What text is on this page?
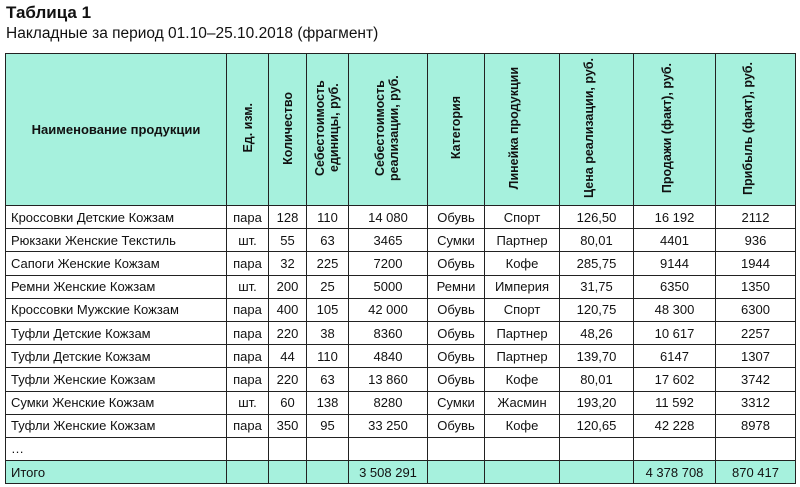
Таблица 1
Накладные за период 01.10–25.10.2018 (фрагмент)
Наименование продукции	Ед. изм.	Количество	Себестоимость единицы, руб.	Себестоимость реализации, руб.	Категория	Линейка продукции	Цена реализации, руб.	Продажи (факт), руб.	Прибыль (факт), руб.
Кроссовки Детские Кожзам	пара	128	110	14 080	Обувь	Спорт	126,50	16 192	2112
Рюкзаки Женские Текстиль	шт.	55	63	3465	Сумки	Партнер	80,01	4401	936
Сапоги Женские Кожзам	пара	32	225	7200	Обувь	Кофе	285,75	9144	1944
Ремни Женские Кожзам	шт.	200	25	5000	Ремни	Империя	31,75	6350	1350
Кроссовки Мужские Кожзам	пара	400	105	42 000	Обувь	Спорт	120,75	48 300	6300
Туфли Детские Кожзам	пара	220	38	8360	Обувь	Партнер	48,26	10 617	2257
Туфли Детские Кожзам	пара	44	110	4840	Обувь	Партнер	139,70	6147	1307
Туфли Женские Кожзам	пара	220	63	13 860	Обувь	Кофе	80,01	17 602	3742
Сумки Женские Кожзам	шт.	60	138	8280	Сумки	Жасмин	193,20	11 592	3312
Туфли Женские Кожзам	пара	350	95	33 250	Обувь	Кофе	120,65	42 228	8978
…									
Итого				3 508 291				4 378 708	870 417
